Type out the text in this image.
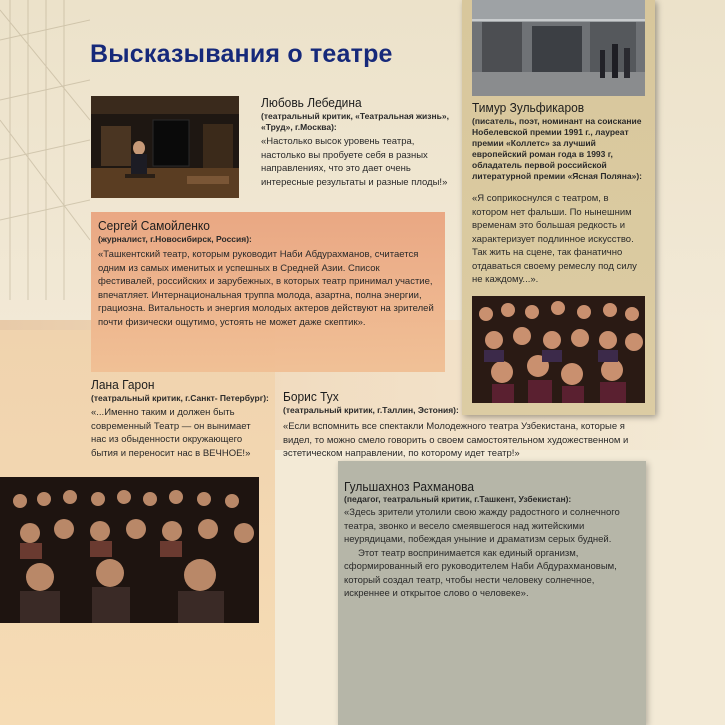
Высказывания о театре
Любовь Лебедина
(театральный критик, «Театральная жизнь», «Труд», г.Москва):

«Настолько высок уровень театра, настолько вы пробуете себя в разных направлениях, что это дает очень интересные результаты и разные плоды!»

Тимур Зульфикаров
(писатель, поэт, номинант на соискание Нобелевской премии 1991 г., лауреат премии «Коллетс» за лучший европейский роман года в 1993 г, обладатель первой российской литературной премии «Ясная Поляна»):

«Я соприкоснулся с театром, в котором нет фальши. По нынешним временам это большая редкость и характеризует подлинное искусство. Так жить на сцене, так фанатично отдаваться своему ремеслу под силу не каждому...».

Сергей Самойленко
(журналист, г.Новосибирск, Россия):

«Ташкентский театр, которым руководит Наби Абдурахманов, считается одним из самых именитых и успешных в Средней Азии. Список фестивалей, российских и зарубежных, в которых театр принимал участие, впечатляет. Интернациональная труппа молода, азартна, полна энергии, грациозна. Витальность и энергия молодых актеров действуют на зрителей почти физически ощутимо, устоять не может даже скептик».

Лана Гарон
(театральный критик, г.Санкт- Петербург):

«...Именно таким и должен быть современный Театр — он вынимает нас из обыденности окружающего бытия и переносит нас в ВЕЧНОЕ!»

Борис Тух
(театральный критик, г.Таллин, Эстония):

«Если вспомнить все спектакли Молодежного театра Узбекистана, которые я видел, то можно смело говорить о своем самостоятельном художественном и эстетическом направлении, по которому идет театр!»

Гульшахноз Рахманова
(педагог, театральный критик, г.Ташкент, Узбекистан):

«Здесь зрители утолили свою жажду радостного и солнечного театра, звонко и весело смеявшегося над житейскими неурядицами, побеждая уныние и драматизм серых будней.

Этот театр воспринимается как единый организм, сформированный его руководителем Наби Абдурахмановым, который создал театр, чтобы нести человеку солнечное, искреннее и открытое слово о человеке».
